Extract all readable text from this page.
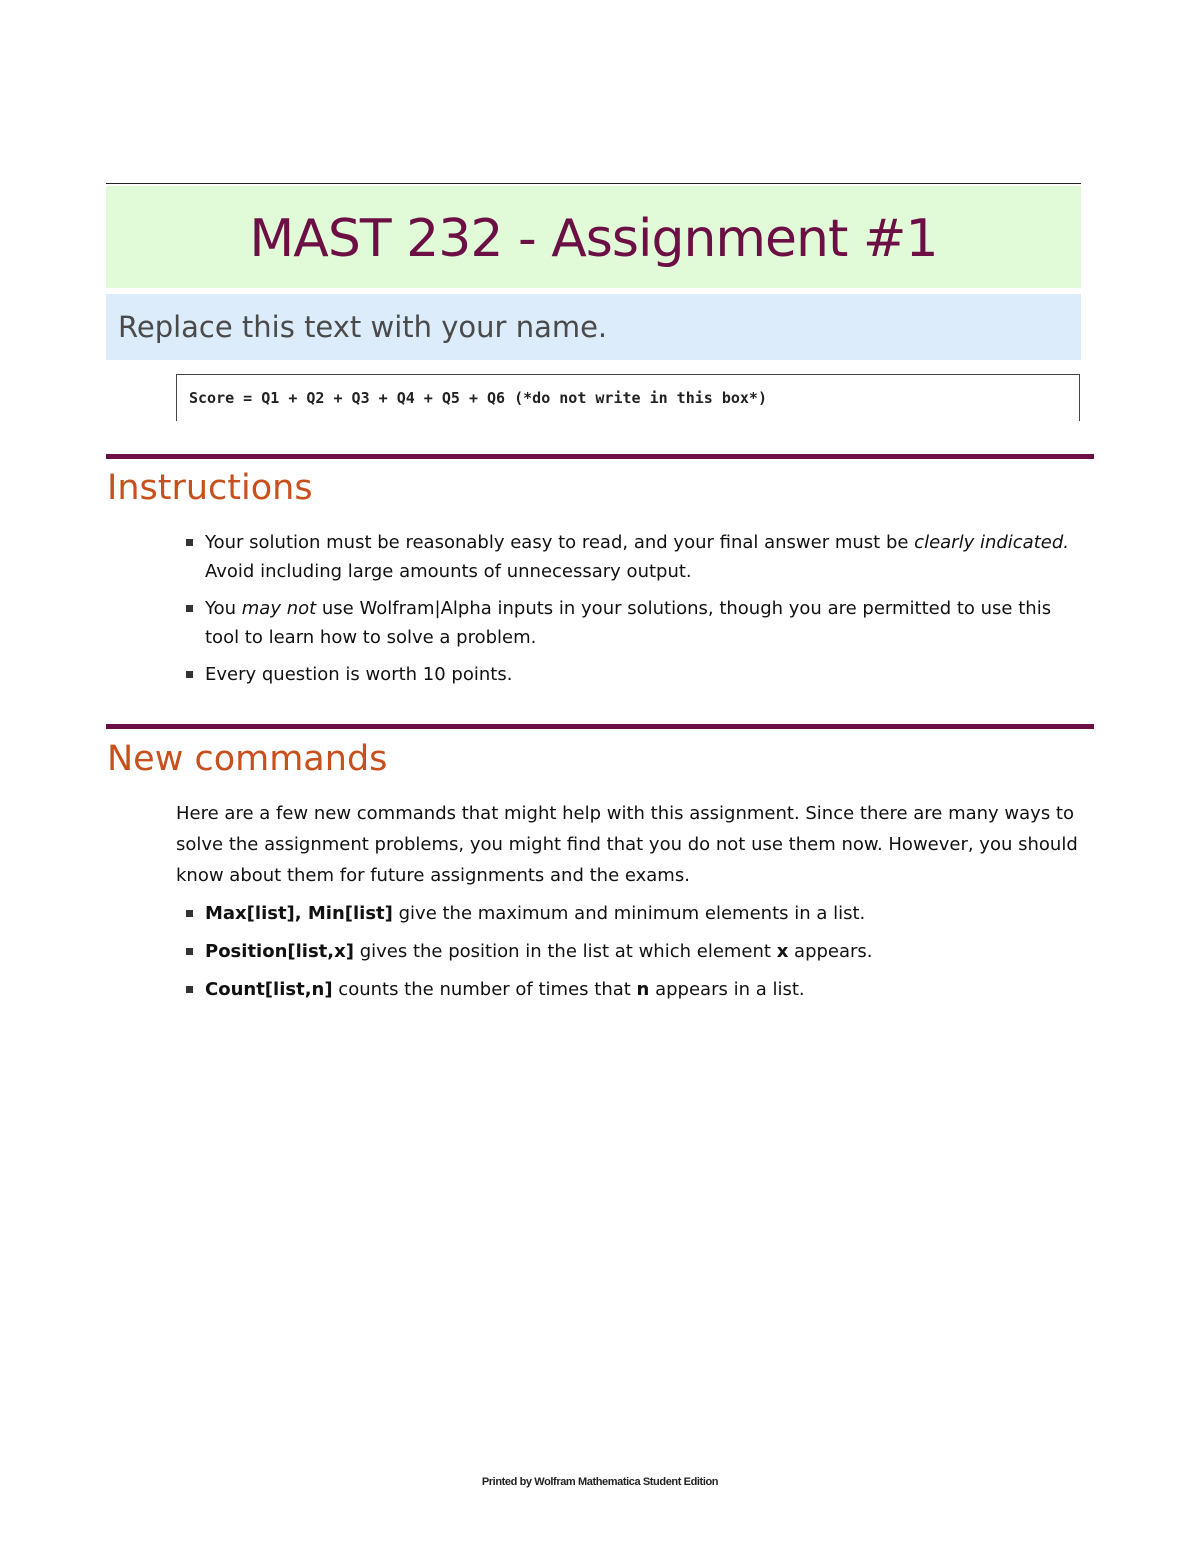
MAST 232 - Assignment #1
Replace this text with your name.
Score = Q1 + Q2 + Q3 + Q4 + Q5 + Q6 (*do not write in this box*)
Instructions
Your solution must be reasonably easy to read, and your final answer must be clearly indicated. Avoid including large amounts of unnecessary output.
You may not use Wolfram|Alpha inputs in your solutions, though you are permitted to use this tool to learn how to solve a problem.
Every question is worth 10 points.
New commands

Here are a few new commands that might help with this assignment. Since there are many ways to solve the assignment problems, you might find that you do not use them now. However, you should know about them for future assignments and the exams.

Max[list], Min[list] give the maximum and minimum elements in a list.
Position[list,x] gives the position in the list at which element x appears.
Count[list,n] counts the number of times that n appears in a list.
Printed by Wolfram Mathematica Student Edition
